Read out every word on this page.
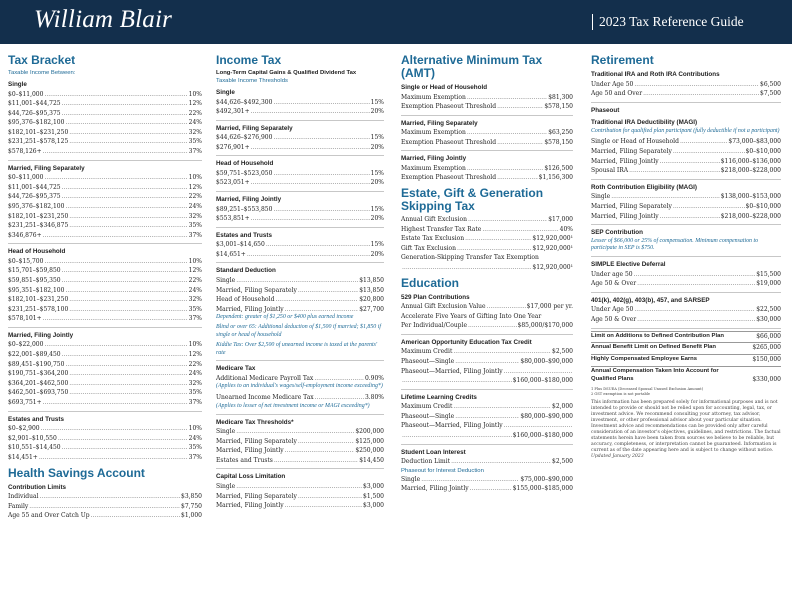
William Blair	2023 Tax Reference Guide
Tax Bracket
Taxable Income Between:
Single
$0–$11,000 .....	10%
$11,001–$44,725 .....	12%
$44,726–$95,375 .....	22%
$95,376–$182,100 .....	24%
$182,101–$231,250 .....	32%
$231,251–$578,125 .....	35%
$578,126+ .....	37%
Married, Filing Separately
$0–$11,000 .....	10%
$11,001–$44,725 .....	12%
$44,726–$95,375 .....	22%
$95,376–$182,100 .....	24%
$182,101–$231,250 .....	32%
$231,251–$346,875 .....	35%
$346,876+ .....	37%
Head of Household
$0–$15,700 .....	10%
$15,701–$59,850 .....	12%
$59,851–$95,350 .....	22%
$95,351–$182,100 .....	24%
$182,101–$231,250 .....	32%
$231,251–$578,100 .....	35%
$578,101+ .....	37%
Married, Filing Jointly
$0–$22,000 .....	10%
$22,001–$89,450 .....	12%
$89,451–$190,750 .....	22%
$190,751–$364,200 .....	24%
$364,201–$462,500 .....	32%
$462,501–$693,750 .....	35%
$693,751+ .....	37%
Estates and Trusts
$0–$2,900 .....	10%
$2,901–$10,550 .....	24%
$10,551–$14,450 .....	35%
$14,451+ .....	37%
Health Savings Account
Contribution Limits
Individual .....	$3,850
Family .....	$7,750
Age 55 and Over Catch Up .....	$1,000
Income Tax
Long-Term Capital Gains & Qualified Dividend Tax
Taxable Income Thresholds
Single
$44,626–$492,300 .....	15%
$492,301+ .....	20%
Married, Filing Separately
$44,626–$276,900 .....	15%
$276,901+ .....	20%
Head of Household
$59,751–$523,050 .....	15%
$523,051+ .....	20%
Married, Filing Jointly
$89,251–$553,850 .....	15%
$553,851+ .....	20%
Estates and Trusts
$3,001–$14,650 .....	15%
$14,651+ .....	20%
Standard Deduction
Single .....	$13,850
Married, Filing Separately .....	$13,850
Head of Household .....	$20,800
Married, Filing Jointly .....	$27,700
Dependent: greater of $1,250 or $400 plus earned income
Blind or over 65: Additional deduction of $1,500 if married; $1,850 if single or head of household
Kiddie Tax: Over $2,500 of unearned income is taxed at the parents' rate
Medicare Tax
Additional Medicare Payroll Tax .....	0.90%
(Applies to an individual's wages/self-employment income exceeding*)
Unearned Income Medicare Tax .....	3.80%
(Applies to lesser of net investment income or MAGI exceeding*)
Medicare Tax Thresholds*
Single .....	$200,000
Married, Filing Separately .....	$125,000
Married, Filing Jointly .....	$250,000
Estates and Trusts .....	$14,450
Capital Loss Limitation
Single .....	$3,000
Married, Filing Separately .....	$1,500
Married, Filing Jointly .....	$3,000
Alternative Minimum Tax (AMT)
Single or Head of Household
Maximum Exemption .....	$81,300
Exemption Phaseout Threshold .....	$578,150
Married, Filing Separately
Maximum Exemption .....	$63,250
Exemption Phaseout Threshold .....	$578,150
Married, Filing Jointly
Maximum Exemption .....	$126,500
Exemption Phaseout Threshold .....	$1,156,300
Estate, Gift & Generation Skipping Tax
Annual Gift Exclusion .....	$17,000
Highest Transfer Tax Rate .....	40%
Estate Tax Exclusion .....	$12,920,000¹
Gift Tax Exclusion .....	$12,920,000¹
Generation-Skipping Transfer Tax Exemption
.....
$12,920,000¹
Education
529 Plan Contributions
Annual Gift Exclusion Value .....	$17,000 per yr.
Accelerate Five Years of Gifting Into One Year
Per Individual/Couple .....	$85,000/$170,000
American Opportunity Education Tax Credit
Maximum Credit .....	$2,500
Phaseout—Single .....	$80,000–$90,000
Phaseout—Married, Filing Jointly
.....
.....
$160,000–$180,000
Lifetime Learning Credits
Maximum Credit .....	$2,000
Phaseout—Single .....	$80,000–$90,000
Phaseout—Married, Filing Jointly
.....
.....
$160,000–$180,000
Student Loan Interest
Deduction Limit .....	$2,500
Phaseout for Interest Deduction
Single .....	$75,000–$90,000
Married, Filing Jointly .....	$155,000–$185,000
Retirement
Traditional IRA and Roth IRA Contributions
Under Age 50 .....	$6,500
Age 50 and Over .....	$7,500
Phaseout
Traditional IRA Deductibility (MAGI)
Contribution for qualified plan participant (fully deductible if not a participant)
Single or Head of Household .....	$73,000–$83,000
Married, Filing Separately .....	$0–$10,000
Married, Filing Jointly .....	$116,000–$136,000
Spousal IRA .....	$218,000–$228,000
Roth Contribution Eligibility (MAGI)
Single .....	$138,000–$153,000
Married, Filing Separately .....	$0–$10,000
Married, Filing Jointly .....	$218,000–$228,000
SEP Contribution
Lesser of $66,000 or 25% of compensation. Minimum compensation to participate in SEP is $750.
SIMPLE Elective Deferral
Under age 50 .....	$15,500
Age 50 & Over .....	$19,000
401(k), 402(g), 403(b), 457, and SARSEP
Under Age 50 .....	$22,500
Age 50 & Over .....	$30,000
Limit on Additions to Defined Contribution Plan	$66,000
Annual Benefit Limit on Defined Benefit Plan	$265,000
Highly Compensated Employee Earns	$150,000
Annual Compensation Taken Into Account for Qualified Plans	$330,000
1 Plus DSUEA (Deceased Spousal Unused Exclusion Amount)
2 GST exemption is not portable
This information has been prepared solely for informational purposes and is not intended to provide or should not be relied upon for accounting, legal, tax, or investment advice. We recommend consulting your attorney, tax advisor, investment, or other professional advisor about your particular situation. Investment advice and recommendations can be provided only after careful consideration of an investor's objectives, guidelines, and restrictions. The factual statements herein have been taken from sources we believe to be reliable, but accuracy, completeness, or interpretation cannot be guaranteed. Information is current as of the date appearing here and is subject to change without notice.
Updated January 2023
